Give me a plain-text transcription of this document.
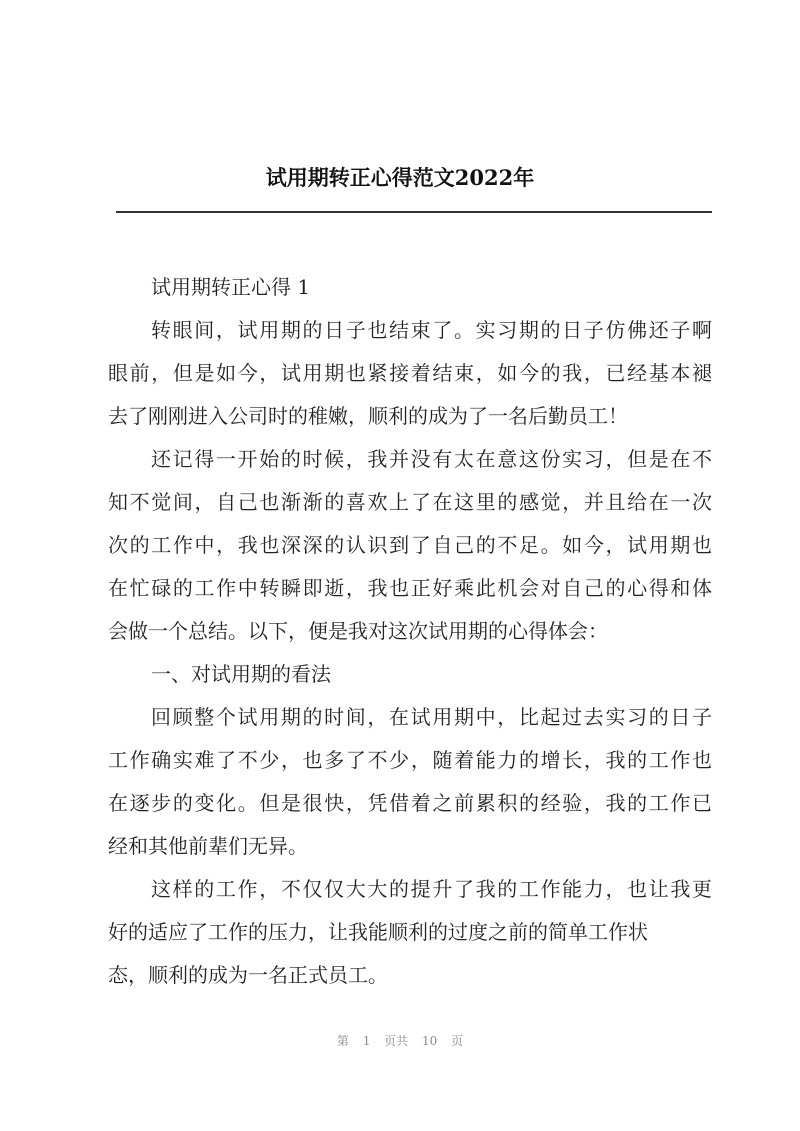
试用期转正心得范文2022年
试用期转正心得 1
转眼间，试用期的日子也结束了。实习期的日子仿佛还子啊
眼前，但是如今，试用期也紧接着结束，如今的我，已经基本褪
去了刚刚进入公司时的稚嫩，顺利的成为了一名后勤员工！
还记得一开始的时候，我并没有太在意这份实习，但是在不
知不觉间，自己也渐渐的喜欢上了在这里的感觉，并且给在一次
次的工作中，我也深深的认识到了自己的不足。如今，试用期也
在忙碌的工作中转瞬即逝，我也正好乘此机会对自己的心得和体
会做一个总结。以下，便是我对这次试用期的心得体会：
一、对试用期的看法
回顾整个试用期的时间，在试用期中，比起过去实习的日子
工作确实难了不少，也多了不少，随着能力的增长，我的工作也
在逐步的变化。但是很快，凭借着之前累积的经验，我的工作已
经和其他前辈们无异。
这样的工作，不仅仅大大的提升了我的工作能力，也让我更
好的适应了工作的压力，让我能顺利的过度之前的简单工作状
态，顺利的成为一名正式员工。
第 1 页共 10 页
